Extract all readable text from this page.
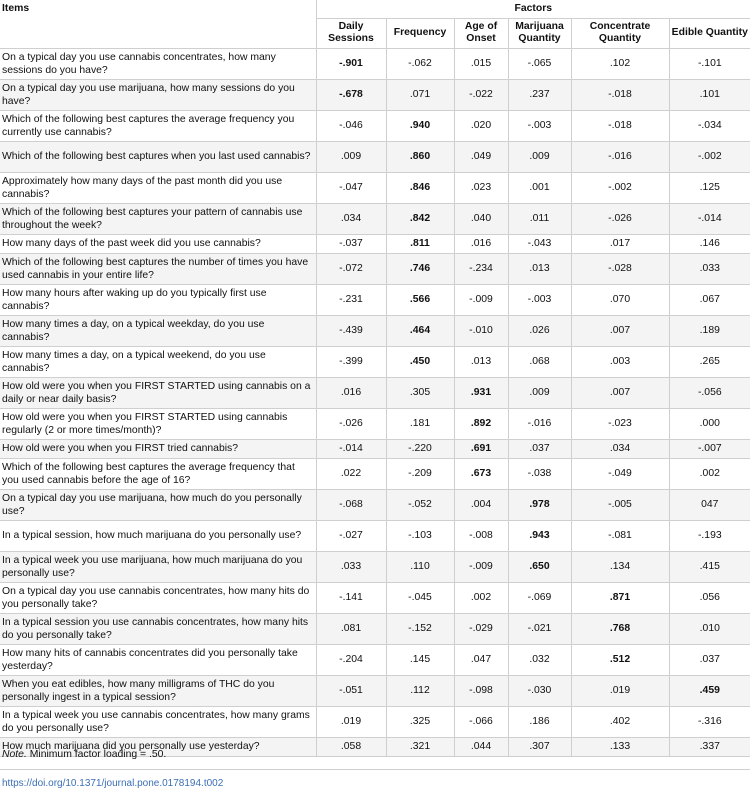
Items	Factors					
	Daily Sessions	Frequency	Age of Onset	Marijuana Quantity	Concentrate Quantity	Edible Quantity
On a typical day you use cannabis concentrates, how many sessions do you have?	-.901	-.062	.015	-.065	.102	-.101
On a typical day you use marijuana, how many sessions do you have?	-.678	.071	-.022	.237	-.018	.101
Which of the following best captures the average frequency you currently use cannabis?	-.046	.940	.020	-.003	-.018	-.034
Which of the following best captures when you last used cannabis?	.009	.860	.049	.009	-.016	-.002
Approximately how many days of the past month did you use cannabis?	-.047	.846	.023	.001	-.002	.125
Which of the following best captures your pattern of cannabis use throughout the week?	.034	.842	.040	.011	-.026	-.014
How many days of the past week did you use cannabis?	-.037	.811	.016	-.043	.017	.146
Which of the following best captures the number of times you have used cannabis in your entire life?	-.072	.746	-.234	.013	-.028	.033
How many hours after waking up do you typically first use cannabis?	-.231	.566	-.009	-.003	.070	.067
How many times a day, on a typical weekday, do you use cannabis?	-.439	.464	-.010	.026	.007	.189
How many times a day, on a typical weekend, do you use cannabis?	-.399	.450	.013	.068	.003	.265
How old were you when you FIRST STARTED using cannabis on a daily or near daily basis?	.016	.305	.931	.009	.007	-.056
How old were you when you FIRST STARTED using cannabis regularly (2 or more times/month)?	-.026	.181	.892	-.016	-.023	.000
How old were you when you FIRST tried cannabis?	-.014	-.220	.691	.037	.034	-.007
Which of the following best captures the average frequency that you used cannabis before the age of 16?	.022	-.209	.673	-.038	-.049	.002
On a typical day you use marijuana, how much do you personally use?	-.068	-.052	.004	.978	-.005	047
In a typical session, how much marijuana do you personally use?	-.027	-.103	-.008	.943	-.081	-.193
In a typical week you use marijuana, how much marijuana do you personally use?	.033	.110	-.009	.650	.134	.415
On a typical day you use cannabis concentrates, how many hits do you personally take?	-.141	-.045	.002	-.069	.871	.056
In a typical session you use cannabis concentrates, how many hits do you personally take?	.081	-.152	-.029	-.021	.768	.010
How many hits of cannabis concentrates did you personally take yesterday?	-.204	.145	.047	.032	.512	.037
When you eat edibles, how many milligrams of THC do you personally ingest in a typical session?	-.051	.112	-.098	-.030	.019	.459
In a typical week you use cannabis concentrates, how many grams do you personally use?	.019	.325	-.066	.186	.402	-.316
How much marijuana did you personally use yesterday?	.058	.321	.044	.307	.133	.337
Note. Minimum factor loading = .50.
https://doi.org/10.1371/journal.pone.0178194.t002
